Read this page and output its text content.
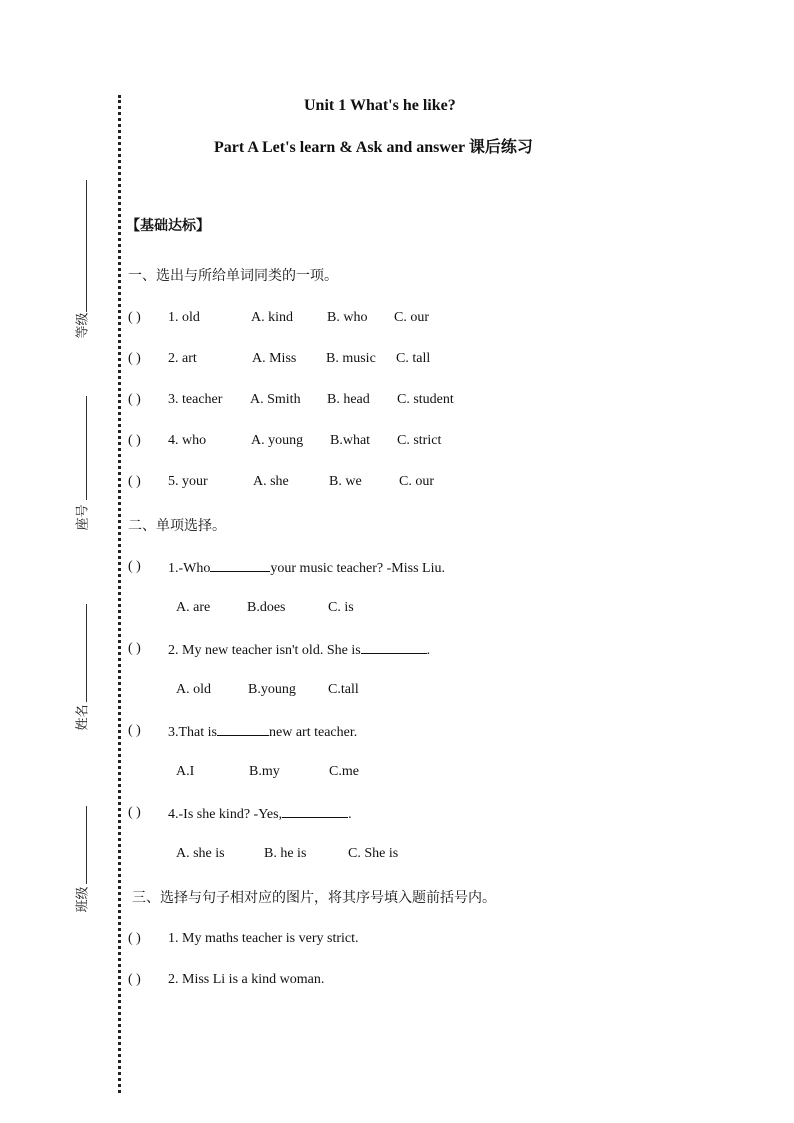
等级
座号
姓名
班级
Unit 1 What's he like?
Part A Let's learn & Ask and answer 课后练习
【基础达标】
一、选出与所给单词同类的一项。
( ) 1. old	A. kind B. who C. our
( ) 2. art	A. Miss B. music C. tall
( ) 3. teacher A. Smith B. head C. student
( ) 4. who	A. young B.what C. strict
( ) 5. your	A. she	B. we	C. our
二、单项选择。
( ) 1.-Who	your music teacher? -Miss Liu.
A. are	B.does	C. is
( ) 2. My new teacher isn't old. She is	.
A. old	B.young C.tall
( ) 3.That is	new art teacher.
A.I	B.my	C.me
( ) 4.-Is she kind? -Yes,	.
A. she is	B. he is	C. She is
三、选择与句子相对应的图片，将其序号填入题前括号内。
( ) 1. My maths teacher is very strict.
( ) 2. Miss Li is a kind woman.
